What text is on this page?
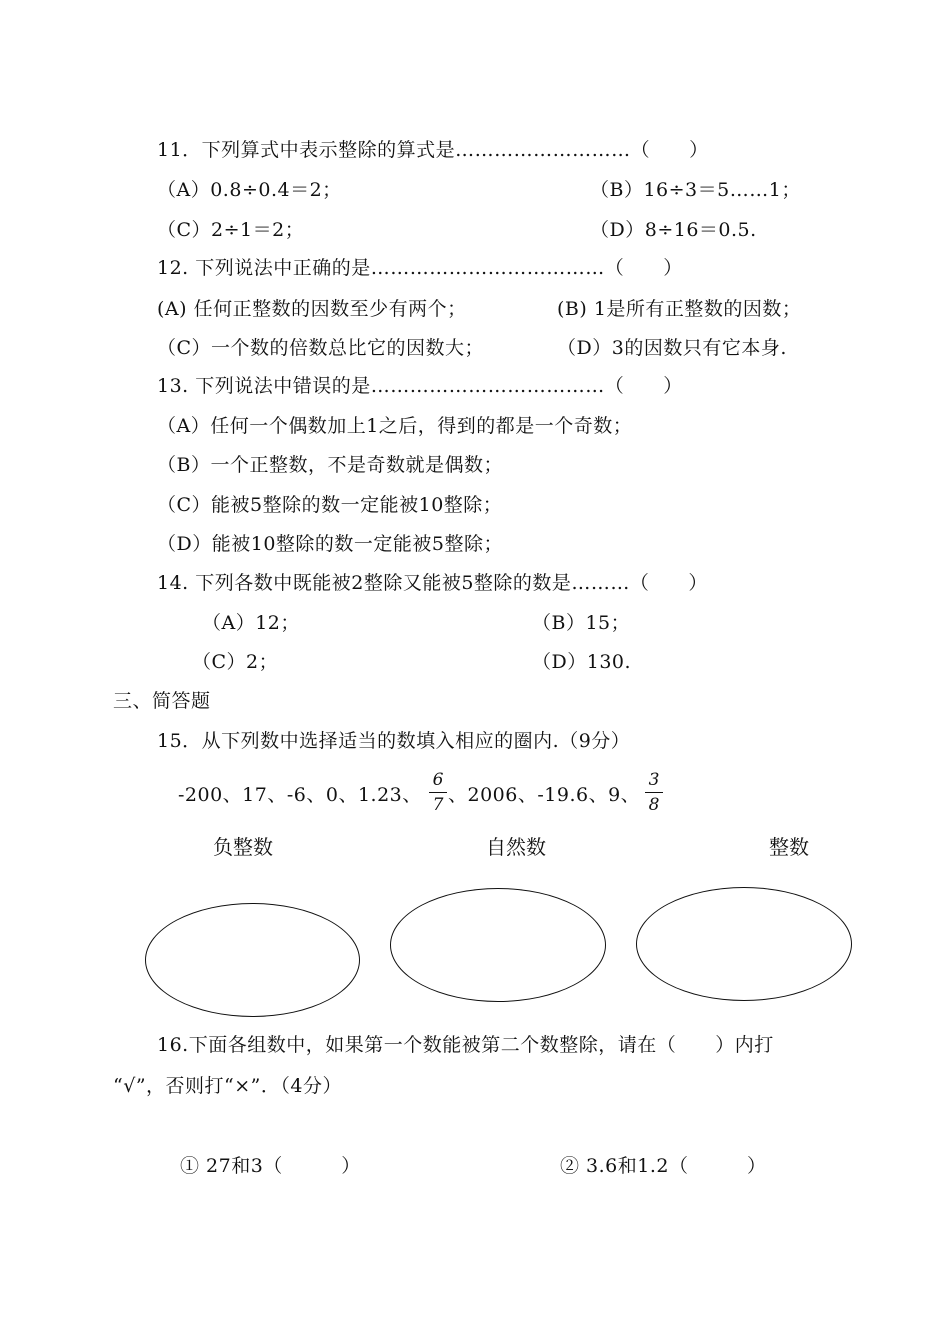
11．下列算式中表示整除的算式是………………………（　　）
（A）0.8÷0.4＝2；	（B）16÷3＝5……1；
（C）2÷1＝2；	（D）8÷16＝0.5.
12. 下列说法中正确的是………………………………（　　）
(A) 任何正整数的因数至少有两个；	(B) 1是所有正整数的因数；
（C）一个数的倍数总比它的因数大；	（D）3的因数只有它本身.
13. 下列说法中错误的是………………………………（　　）
（A）任何一个偶数加上1之后，得到的都是一个奇数；
（B）一个正整数，不是奇数就是偶数；
（C）能被5整除的数一定能被10整除；
（D）能被10整除的数一定能被5整除；
14. 下列各数中既能被2整除又能被5整除的数是………（　　）
（A）12；	（B）15；
（C）2；	（D）130.
三、简答题
15．从下列数中选择适当的数填入相应的圈内.（9分）
-200、17、-6、0、1.23、
6
7 、2006、-19.6、9、
3
8
负整数	自然数	整数
16.下面各组数中，如果第一个数能被第二个数整除，请在（　　）内打
“√”，否则打“×”．（4分）
① 27和3（　　　）	② 3.6和1.2（　　　）
